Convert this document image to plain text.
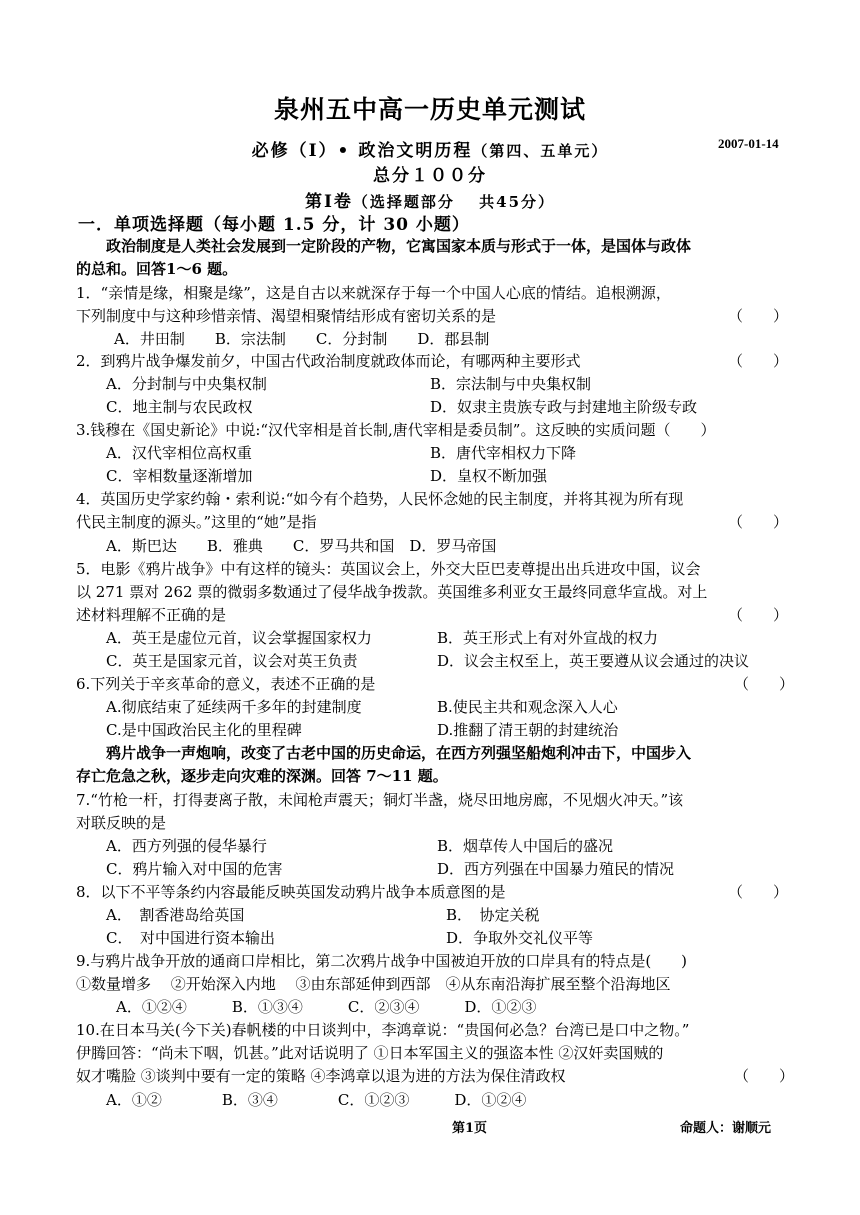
泉州五中高一历史单元测试
必修（I）• 政治文明历程（第四、五单元）	2007-01-14
总分１００分
第Ⅰ卷（选择题部分　 共45分）
一．单项选择题（每小题 1.5 分，计 30 小题）
政治制度是人类社会发展到一定阶段的产物，它寓国家本质与形式于一体，是国体与政体
的总和。回答1～6 题。
1．“亲情是缘，相聚是缘”，这是自古以来就深存于每一个中国人心底的情结。追根溯源，
下列制度中与这种珍惜亲情、渴望相聚情结形成有密切关系的是	（　　）
A．井田制　　B．宗法制　　C．分封制　　D．郡县制
2．到鸦片战争爆发前夕，中国古代政治制度就政体而论，有哪两种主要形式	（　　）
A．分封制与中央集权制	B．宗法制与中央集权制
C．地主制与农民政权	D．奴隶主贵族专政与封建地主阶级专政
3.钱穆在《国史新论》中说:“汉代宰相是首长制,唐代宰相是委员制”。这反映的实质问题（　　）
A．汉代宰相位高权重	B．唐代宰相权力下降
C．宰相数量逐渐增加	D．皇权不断加强
4．英国历史学家约翰・索利说:“如今有个趋势，人民怀念她的民主制度，并将其视为所有现
代民主制度的源头。”这里的“她”是指	（　　）
A．斯巴达　　B．雅典　　C．罗马共和国　D．罗马帝国
5．电影《鸦片战争》中有这样的镜头：英国议会上，外交大臣巴麦尊提出出兵进攻中国，议会
以 271 票对 262 票的微弱多数通过了侵华战争拨款。英国维多利亚女王最终同意华宣战。对上
述材料理解不正确的是	（　　）
A．英王是虚位元首，议会掌握国家权力	B．英王形式上有对外宣战的权力
C．英王是国家元首，议会对英王负责	D．议会主权至上，英王要遵从议会通过的决议
6.下列关于辛亥革命的意义，表述不正确的是	（　　）
A.彻底结束了延续两千多年的封建制度	B.使民主共和观念深入人心
C.是中国政治民主化的里程碑	D.推翻了清王朝的封建统治
鸦片战争一声炮响，改变了古老中国的历史命运，在西方列强坚船炮利冲击下，中国步入
存亡危急之秋，逐步走向灾难的深渊。回答 7～11 题。
7.“竹枪一杆，打得妻离子散，未闻枪声震天；铜灯半盏，烧尽田地房廊，不见烟火冲天。”该
对联反映的是
A．西方列强的侵华暴行	B．烟草传人中国后的盛况
C．鸦片输入对中国的危害	D．西方列强在中国暴力殖民的情况
8．以下不平等条约内容最能反映英国发动鸦片战争本质意图的是	（　　）
A．　割香港岛给英国	B．　协定关税
C．　对中国进行资本输出	D．争取外交礼仪平等
9.与鸦片战争开放的通商口岸相比，第二次鸦片战争中国被迫开放的口岸具有的特点是(　　)
①数量增多　 ②开始深入内地　 ③由东部延伸到西部　④从东南沿海扩展至整个沿海地区
A．①②④　　　B．①③④　　　C．②③④　　　D．①②③
10.在日本马关(今下关)春帆楼的中日谈判中，李鸿章说：“贵国何必急？台湾已是口中之物。”
伊腾回答：“尚未下咽，饥甚。”此对话说明了 ①日本军国主义的强盗本性 ②汉奸卖国贼的
奴才嘴脸 ③谈判中要有一定的策略 ④李鸿章以退为进的方法为保住清政权	（　　）
A．①②　　　　B．③④　　　　C．①②③　　　D．①②④
第1页	命题人：谢顺元
